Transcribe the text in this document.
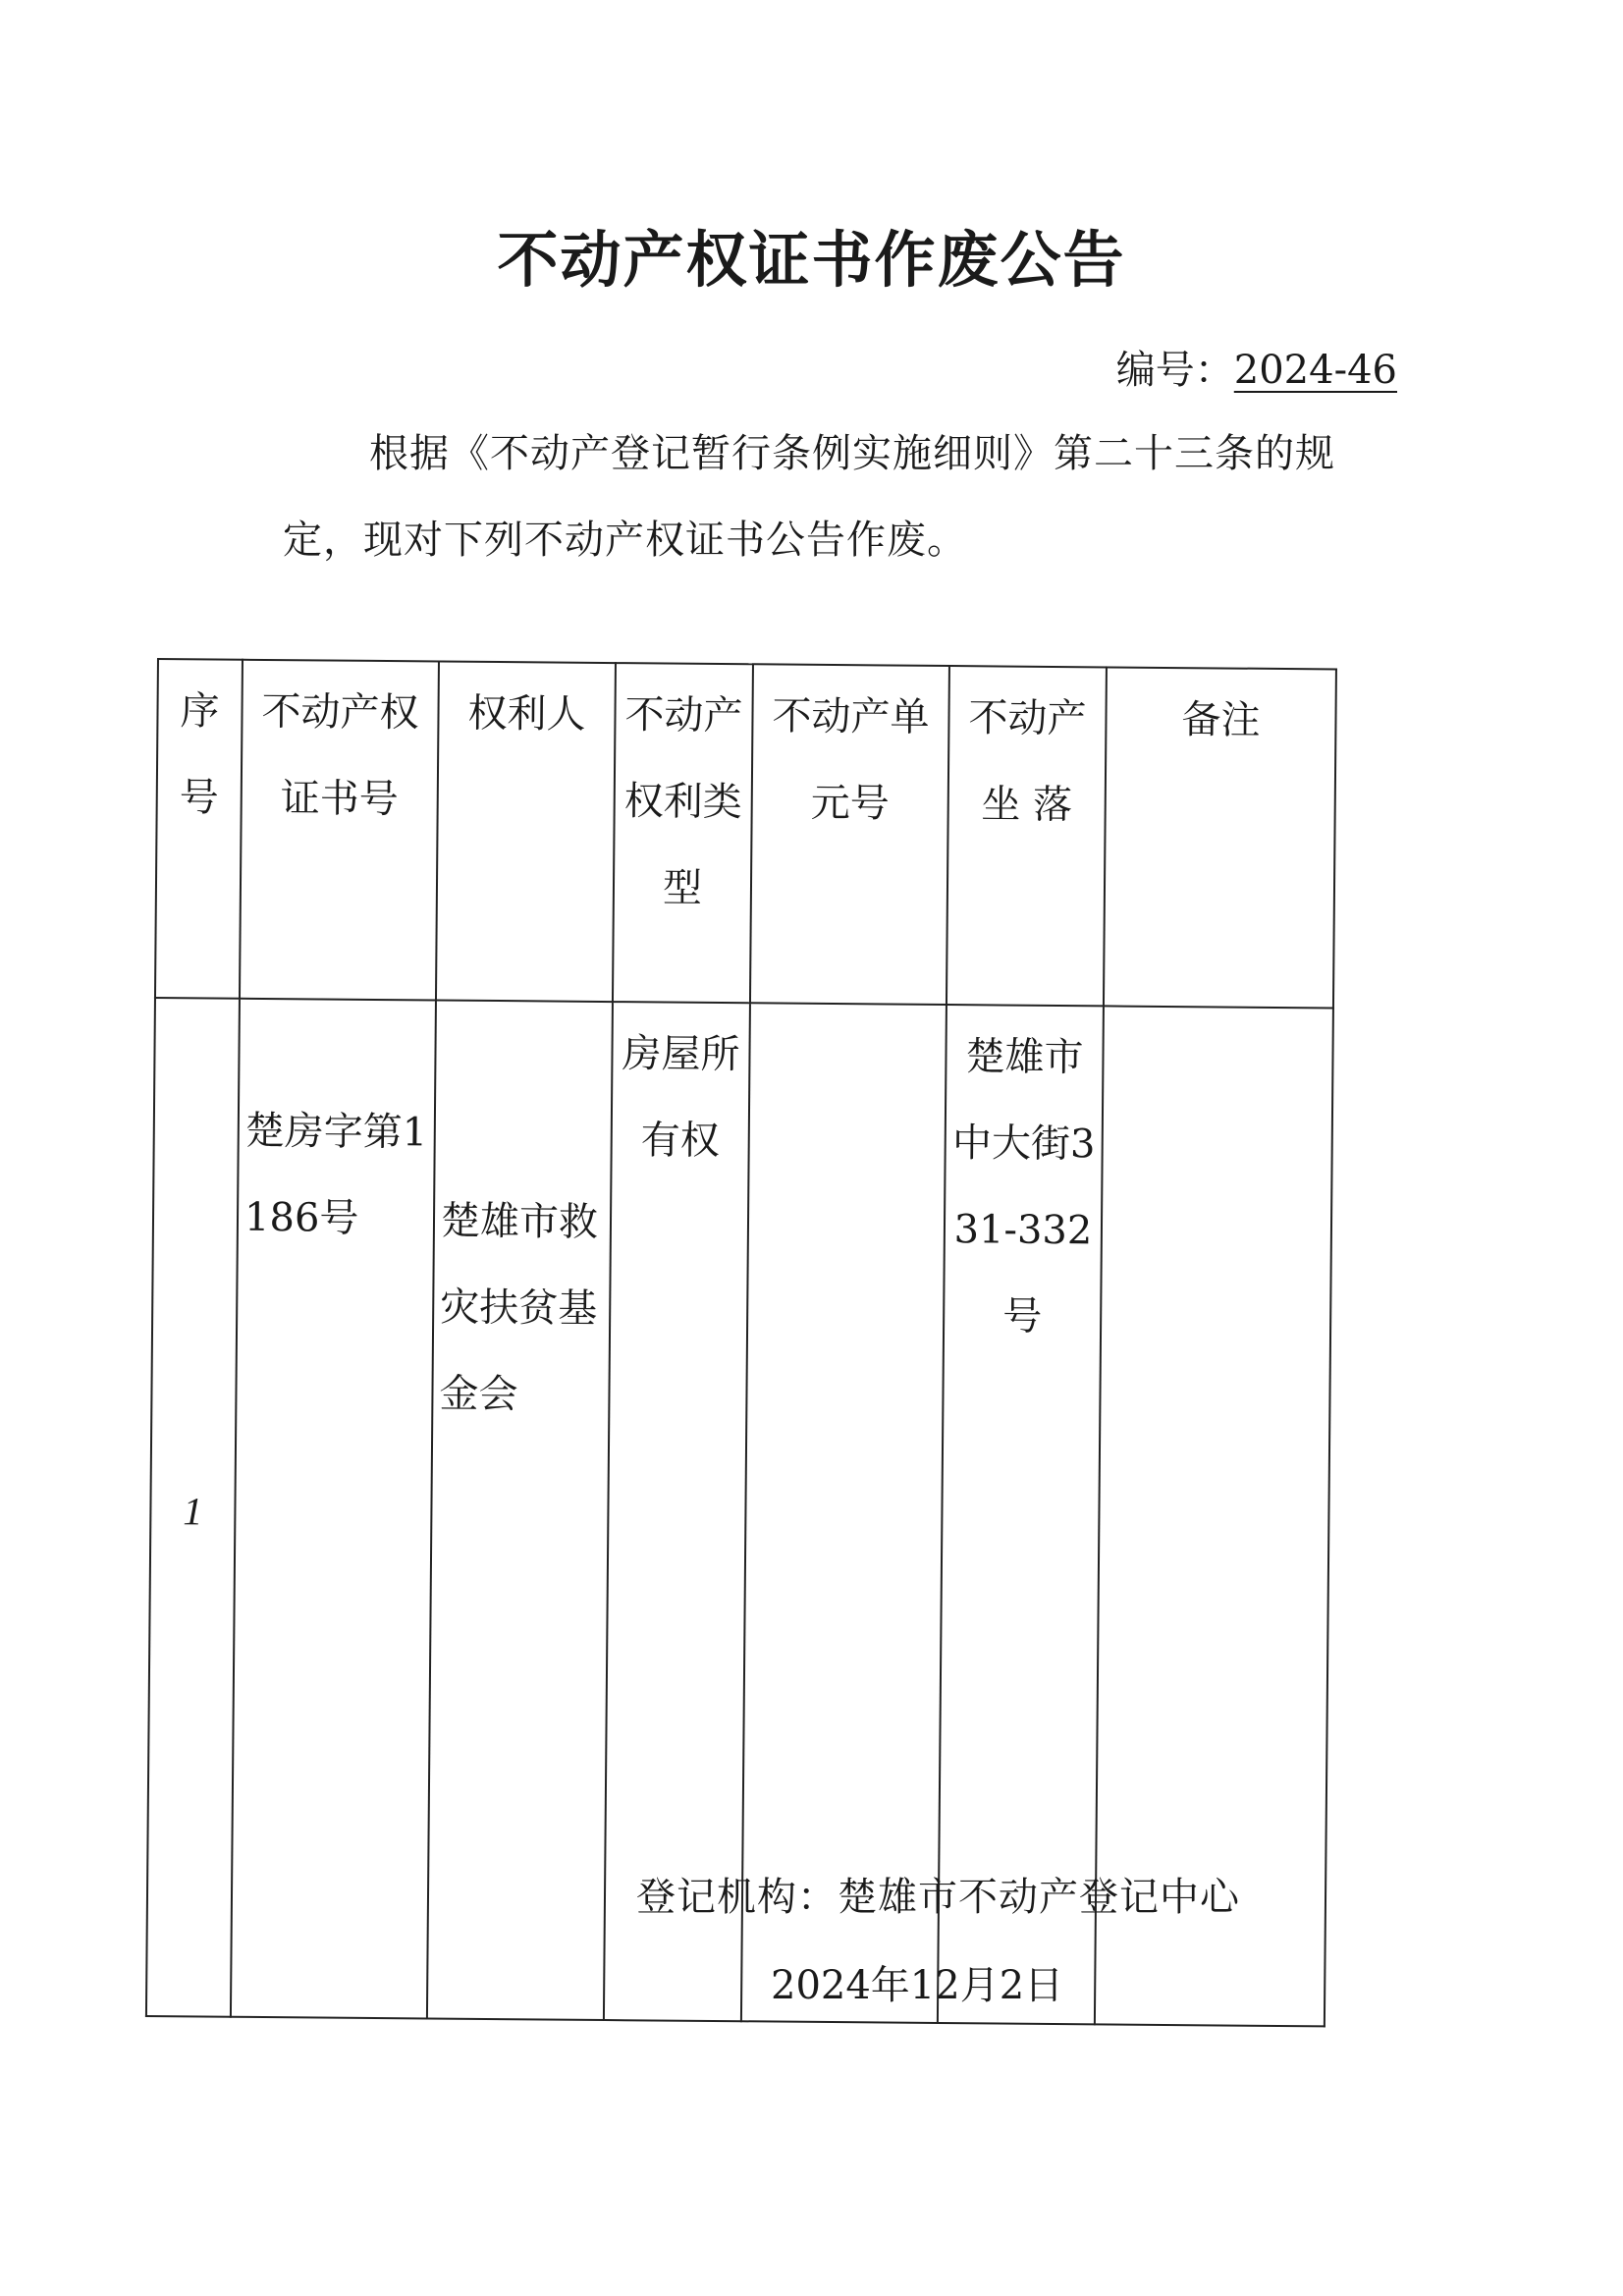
不动产权证书作废公告
编号：2024-46

根据《不动产登记暂行条例实施细则》第二十三条的规定，现对下列不动产权证书公告作废。

序号	不动产权证书号	权利人	不动产权利类型	不动产单元号	不动产坐 落	备注
1	楚房字第1186号	楚雄市救灾扶贫基金会	房屋所有权		楚雄市中大街331-332号	
登记机构：楚雄市不动产登记中心
2024年12月2日
